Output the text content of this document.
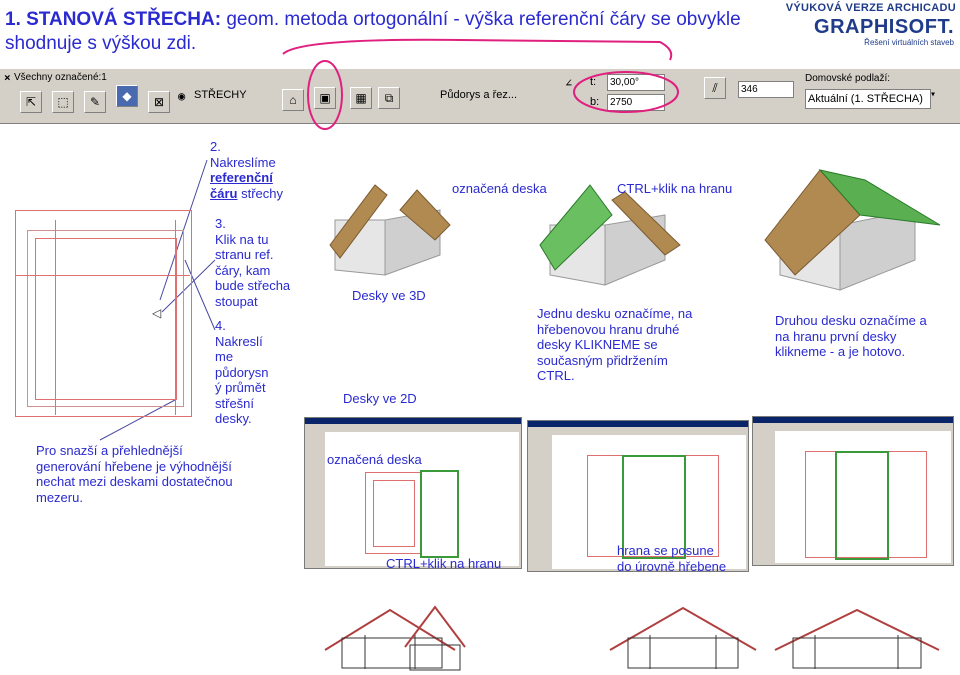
1. STANOVÁ STŘECHA: geom. metoda ortogonální - výška referenční čáry se obvykle shodnuje s výškou zdi.
VÝUKOVÁ VERZE ARCHICADU
GRAPHISOFT.
Řešení virtuálních staveb
× Všechny označené:1
⇱	⬚	✎	◆	⊠	◉ STŘECHY	⌂	▣	▦	⧉	Půdorys a řez...
∠ t:	30,00°
b:	2750
⫽	346
Domovské podlaží:
Aktuální (1. STŘECHA) ▾
◁
2.
Nakreslíme
referenční
čáru střechy
3.
Klik na tu
stranu ref.
čáry, kam
bude střecha
stoupat
4.
Nakreslí
me
půdorysn
ý průmět
střešní
desky.
Pro snazší a přehlednější
generování hřebene je výhodnější
nechat mezi deskami dostatečnou
mezeru.
Desky ve 3D
Desky ve 2D
označená deska	CTRL+klik na hranu
Jednu desku označíme, na
hřebenovou hranu druhé
desky KLIKNEME se
současným přidržením
CTRL.
Druhou desku označíme a
na hranu první desky
klikneme - a je hotovo.
označená deska
CTRL+klik na hranu
hrana se posune
do úrovně hřebene
